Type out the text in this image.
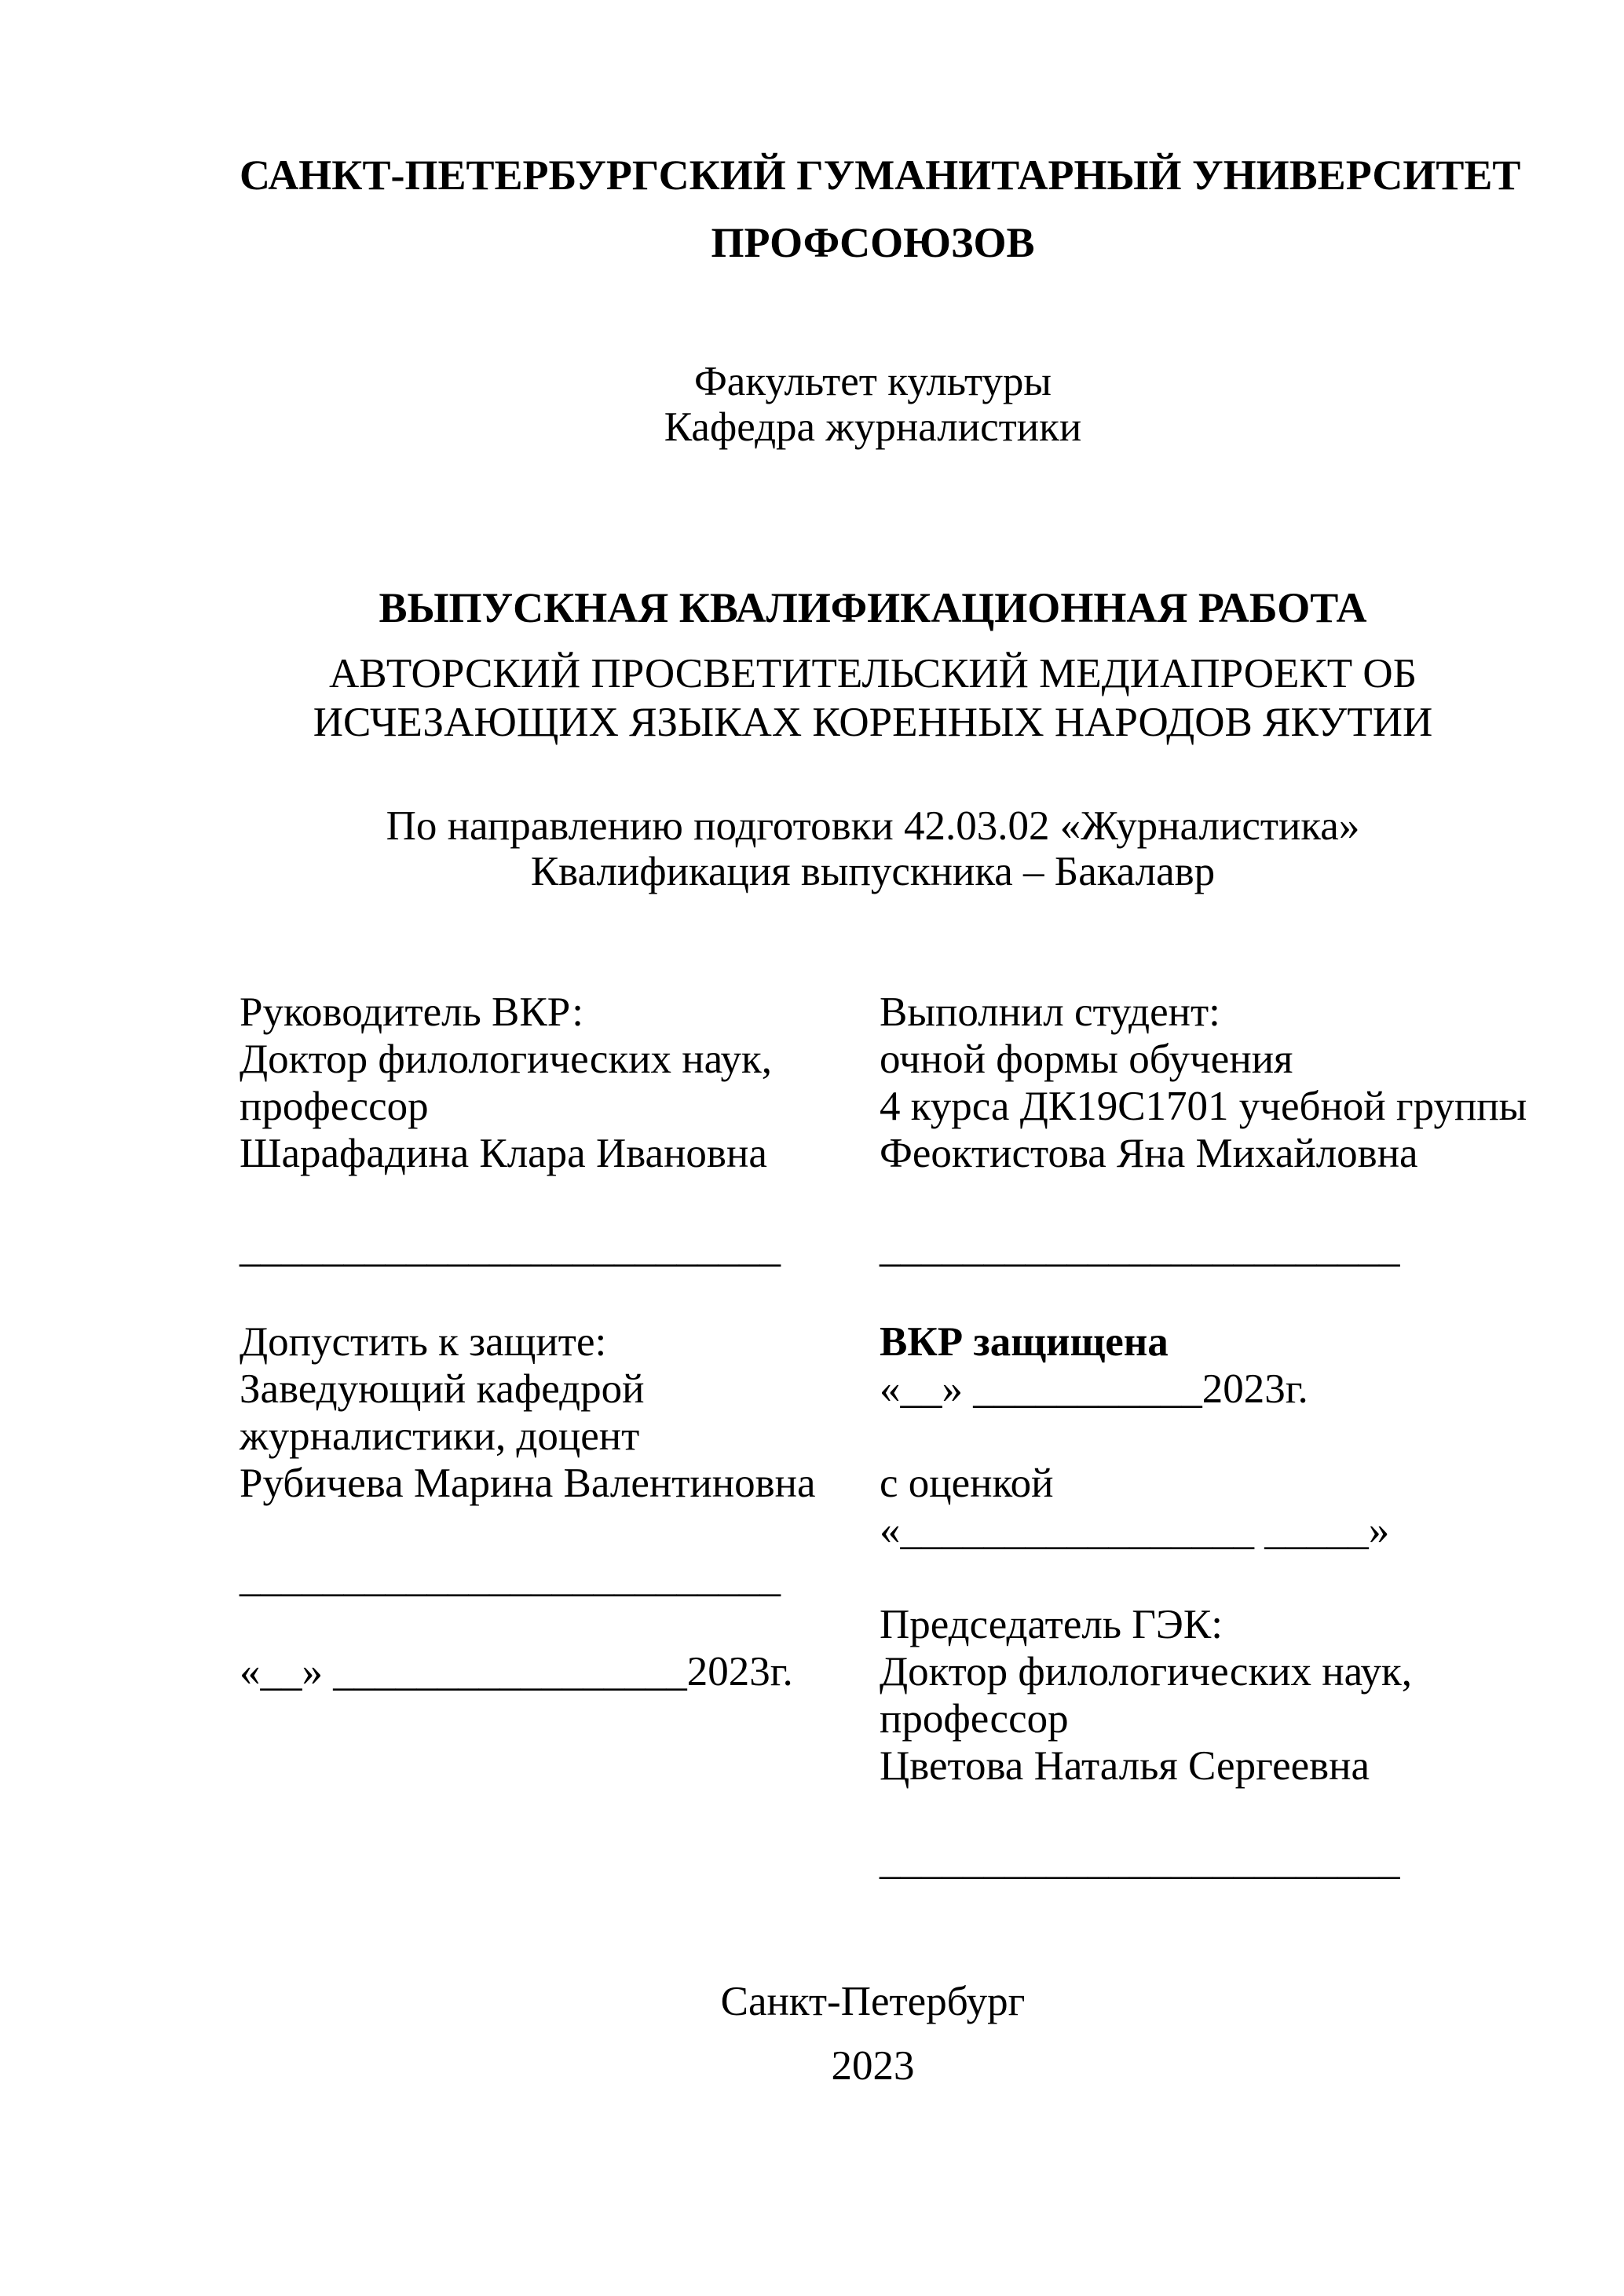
САНКТ-ПЕТЕРБУРГСКИЙ ГУМАНИТАРНЫЙ УНИВЕРСИТЕТ
ПРОФСОЮЗОВ
Факультет культуры
Кафедра журналистики
ВЫПУСКНАЯ КВАЛИФИКАЦИОННАЯ РАБОТА
АВТОРСКИЙ ПРОСВЕТИТЕЛЬСКИЙ МЕДИАПРОЕКТ ОБ
ИСЧЕЗАЮЩИХ ЯЗЫКАХ КОРЕННЫХ НАРОДОВ ЯКУТИИ
По направлению подготовки 42.03.02 «Журналистика»
Квалификация выпускника – Бакалавр
Руководитель ВКР:
Доктор филологических наук,
профессор
Шарафадина Клара Ивановна
__________________________
Допустить к защите:
Заведующий кафедрой
журналистики, доцент
Рубичева Марина Валентиновна
__________________________
«__» _________________2023г.
Выполнил студент:
очной формы обучения
4 курса ДК19С1701 учебной группы
Феоктистова Яна Михайловна
_________________________
ВКР защищена
«__» ___________2023г.
с оценкой
«_________________ _____»
Председатель ГЭК:
Доктор филологических наук,
профессор
Цветова Наталья Сергеевна
_________________________
Санкт-Петербург
2023
